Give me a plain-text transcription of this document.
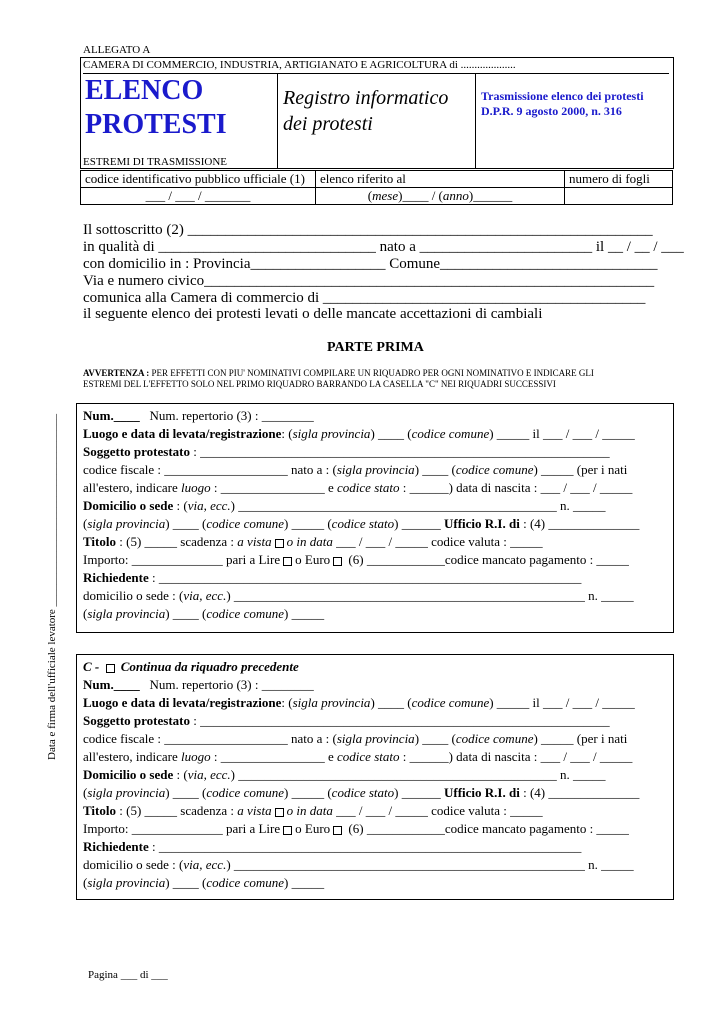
Data e firma dell'ufficiale levatore ___________________________________
ALLEGATO A
CAMERA DI COMMERCIO, INDUSTRIA, ARTIGIANATO E AGRICOLTURA di ....................
ELENCO
PROTESTI
Registro informatico
dei protesti
Trasmissione elenco dei protesti
D.P.R. 9 agosto 2000, n. 316
ESTREMI DI TRASMISSIONE
codice identificativo pubblico ufficiale (1)	elenco riferito al	numero di fogli
___ / ___ / _______	(mese)____ / (anno)______	
Il sottoscritto (2) ______________________________________________________________
in qualità di _____________________________ nato a _______________________ il __ / __ / ___
con domicilio in : Provincia__________________ Comune_____________________________
Via e numero civico____________________________________________________________
comunica alla Camera di commercio di ___________________________________________
il seguente elenco dei protesti levati o delle mancate accettazioni di cambiali
PARTE PRIMA
AVVERTENZA : PER EFFETTI CON PIU' NOMINATIVI COMPILARE UN RIQUADRO PER OGNI NOMINATIVO E INDICARE GLI
ESTREMI DEL L'EFFETTO SOLO NEL PRIMO RIQUADRO BARRANDO LA CASELLA "C" NEI RIQUADRI SUCCESSIVI
Num.____ Num. repertorio (3) : ________
Luogo e data di levata/registrazione: (sigla provincia) ____ (codice comune) _____ il ___ / ___ / _____
Soggetto protestato : _______________________________________________________________
codice fiscale : ___________________ nato a : (sigla provincia) ____ (codice comune) _____ (per i nati
all'estero, indicare luogo : ________________ e codice stato : ______) data di nascita : ___ / ___ / _____
Domicilio o sede : (via, ecc.) _________________________________________________ n. _____
(sigla provincia) ____ (codice comune) _____ (codice stato) ______ Ufficio R.I. di : (4) ______________
Titolo : (5) _____ scadenza : a vista o in data ___ / ___ / _____ codice valuta : _____
Importo: ______________ pari a Lire o Euro (6) ____________codice mancato pagamento : _____
Richiedente : _________________________________________________________________
domicilio o sede : (via, ecc.) ______________________________________________________ n. _____
(sigla provincia) ____ (codice comune) _____
C -  Continua da riquadro precedente
Num.____ Num. repertorio (3) : ________
Luogo e data di levata/registrazione: (sigla provincia) ____ (codice comune) _____ il ___ / ___ / _____
Soggetto protestato : _______________________________________________________________
codice fiscale : ___________________ nato a : (sigla provincia) ____ (codice comune) _____ (per i nati
all'estero, indicare luogo : ________________ e codice stato : ______) data di nascita : ___ / ___ / _____
Domicilio o sede : (via, ecc.) _________________________________________________ n. _____
(sigla provincia) ____ (codice comune) _____ (codice stato) ______ Ufficio R.I. di : (4) ______________
Titolo : (5) _____ scadenza : a vista o in data ___ / ___ / _____ codice valuta : _____
Importo: ______________ pari a Lire o Euro (6) ____________codice mancato pagamento : _____
Richiedente : _________________________________________________________________
domicilio o sede : (via, ecc.) ______________________________________________________ n. _____
(sigla provincia) ____ (codice comune) _____
Pagina ___ di ___
